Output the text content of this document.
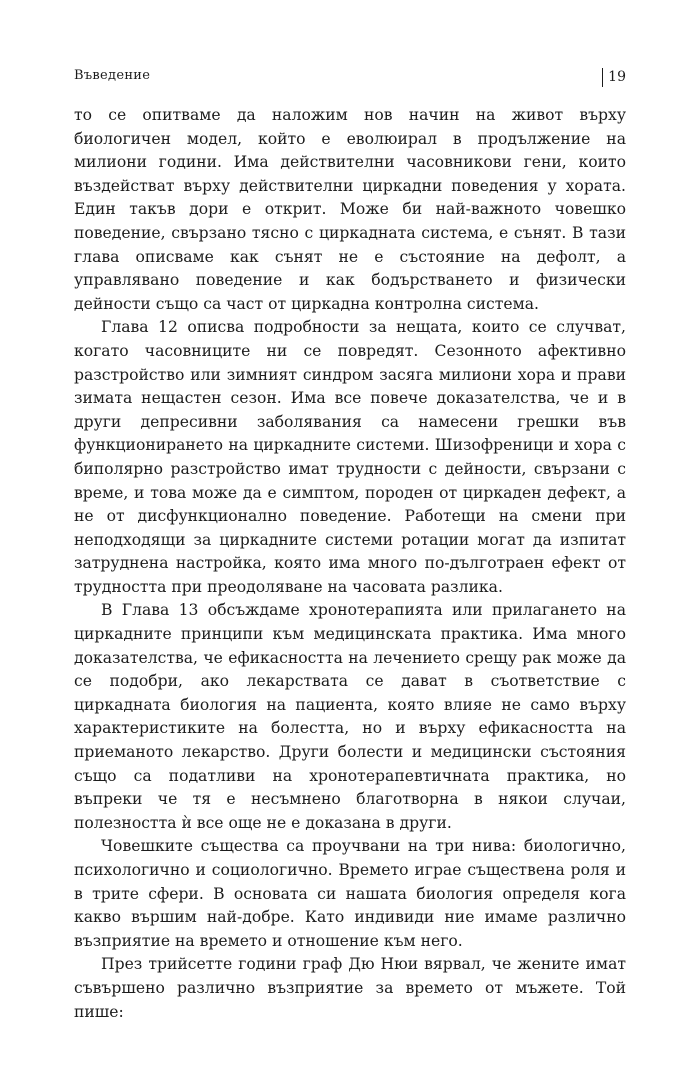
Въведение	19

то се опитваме да наложим нов начин на живот върху биологичен модел, който е еволюирал в продължение на милиони години. Има действителни часовникови гени, които въздействат върху действителни циркадни поведения у хората. Един такъв дори е открит. Може би най-важното човешко поведение, свързано тясно с циркадната система, е сънят. В тази глава описваме как сънят не е състояние на дефолт, а управлявано поведение и как бодърстването и физически дейности също са част от циркадна контролна система.

Глава 12 описва подробности за нещата, които се случват, когато часовниците ни се повредят. Сезонното афективно разстройство или зимният синдром засяга милиони хора и прави зимата нещастен сезон. Има все повече доказателства, че и в други депресивни заболявания са намесени грешки във функционирането на циркадните системи. Шизофреници и хора с биполярно разстройство имат трудности с дейности, свързани с време, и това може да е симптом, породен от циркаден дефект, а не от дисфункционално поведение. Работещи на смени при неподходящи за циркадните системи ротации могат да изпитат затруднена настройка, която има много по-дълготраен ефект от трудността при преодоляване на часовата разлика.

В Глава 13 обсъждаме хронотерапията или прилагането на циркадните принципи към медицинската практика. Има много доказателства, че ефикасността на лечението срещу рак може да се подобри, ако лекарствата се дават в съответствие с циркадната биология на пациента, която влияе не само върху характеристиките на болестта, но и върху ефикасността на приеманото лекарство. Други болести и медицински състояния също са податливи на хронотерапевтичната практика, но въпреки че тя е несъмнено благотворна в някои случаи, полезността ѝ все още не е доказана в други.

Човешките същества са проучвани на три нива: биологично, психологично и социологично. Времето играе съществена роля и в трите сфери. В основата си нашата биология определя кога какво вършим най-добре. Като индивиди ние имаме различно възприятие на времето и отношение към него.

През трийсетте години граф Дю Нюи вярвал, че жените имат съвършено различно възприятие за времето от мъжете. Той пише:
